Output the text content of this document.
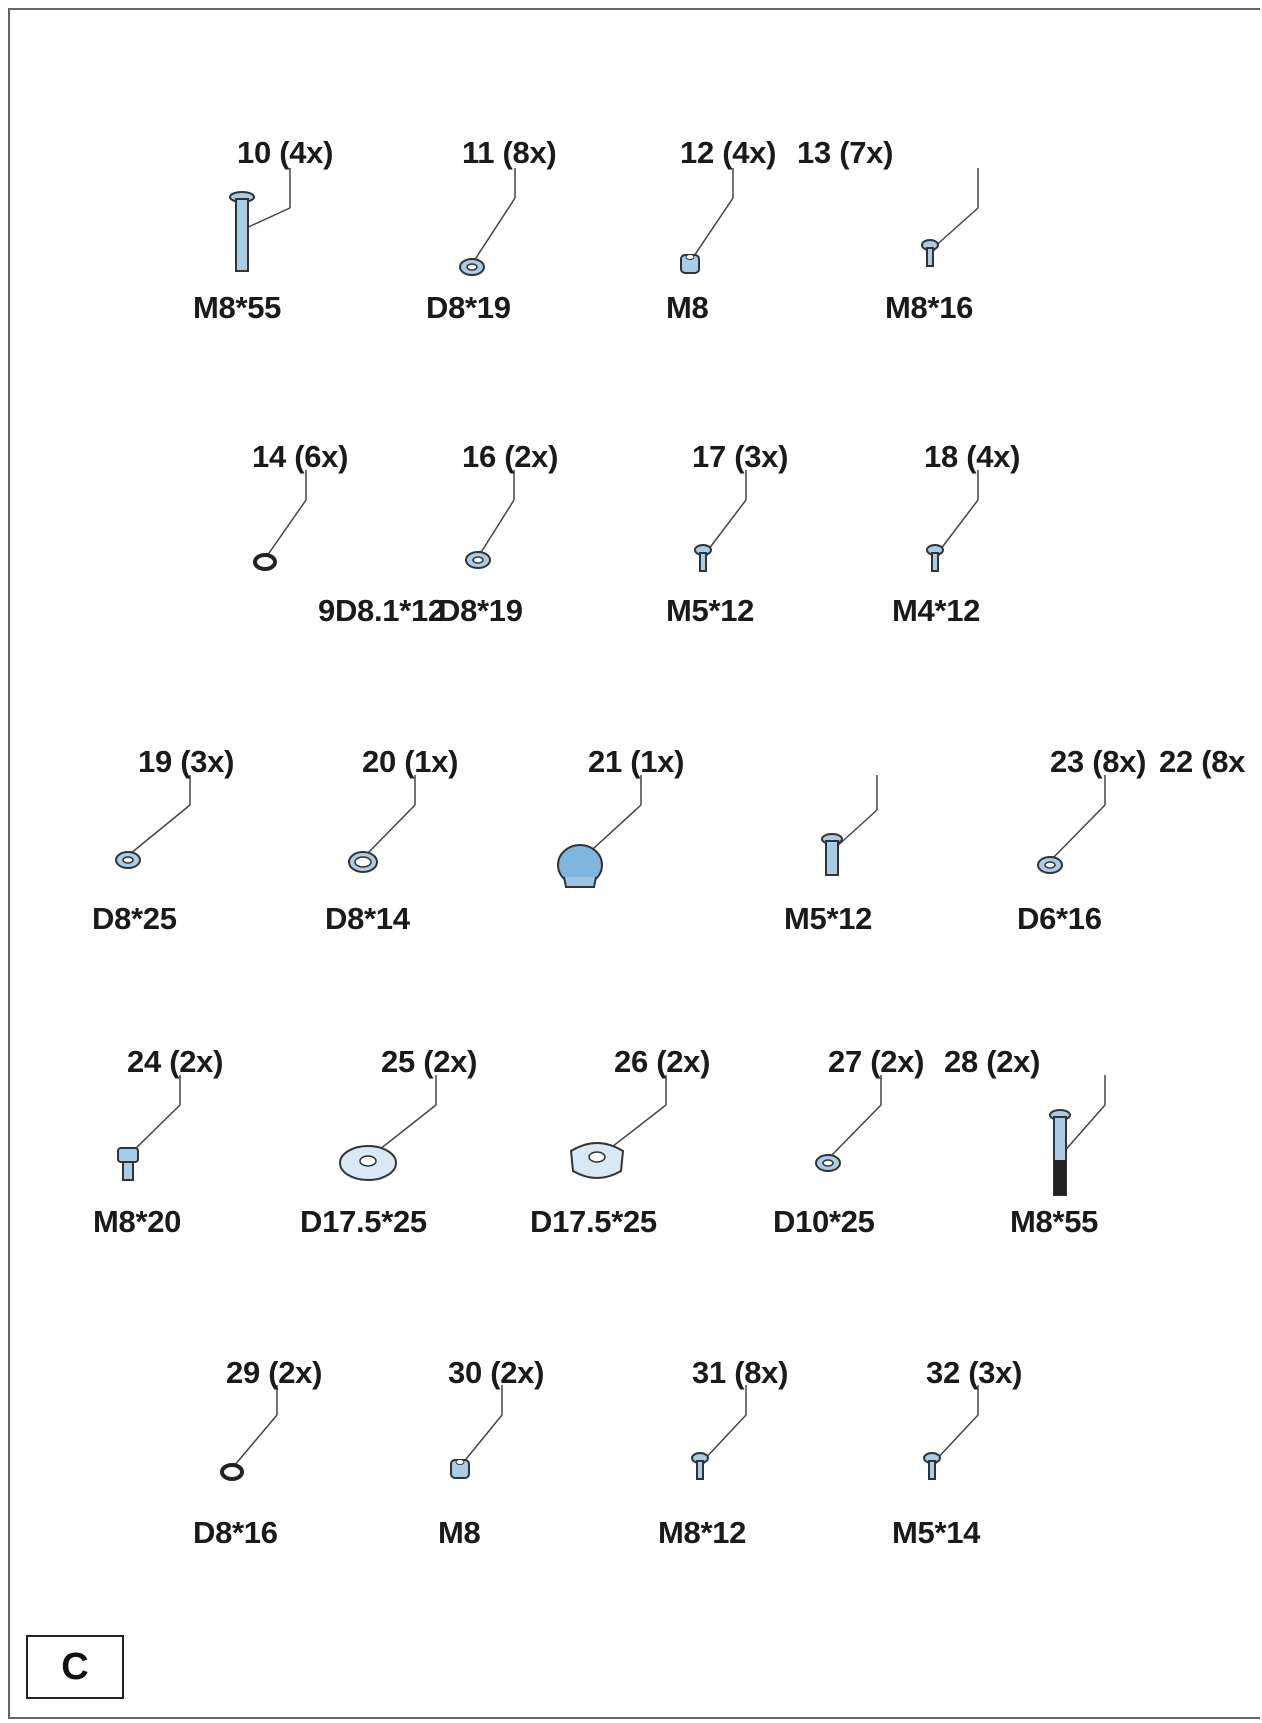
10 (4x)	11 (8x)	12 (4x) 13 (7x)
14 (6x)	16 (2x)	17 (3x)	18 (4x)
19 (3x)	20 (1x)	21 (1x)	23 (8x) 22 (8x
24 (2x)	25 (2x)	26 (2x)	27 (2x) 28 (2x)
29 (2x)	30 (2x)	31 (8x)	32 (3x)
M8*55	D8*19	M8	M8*16
9D8.1*12
D8*19	M5*12	M4*12
D8*25	D8*14	M5*12	D6*16
M8*20	D17.5*25	D17.5*25	D10*25	M8*55
D8*16	M8	M8*12	M5*14
C
